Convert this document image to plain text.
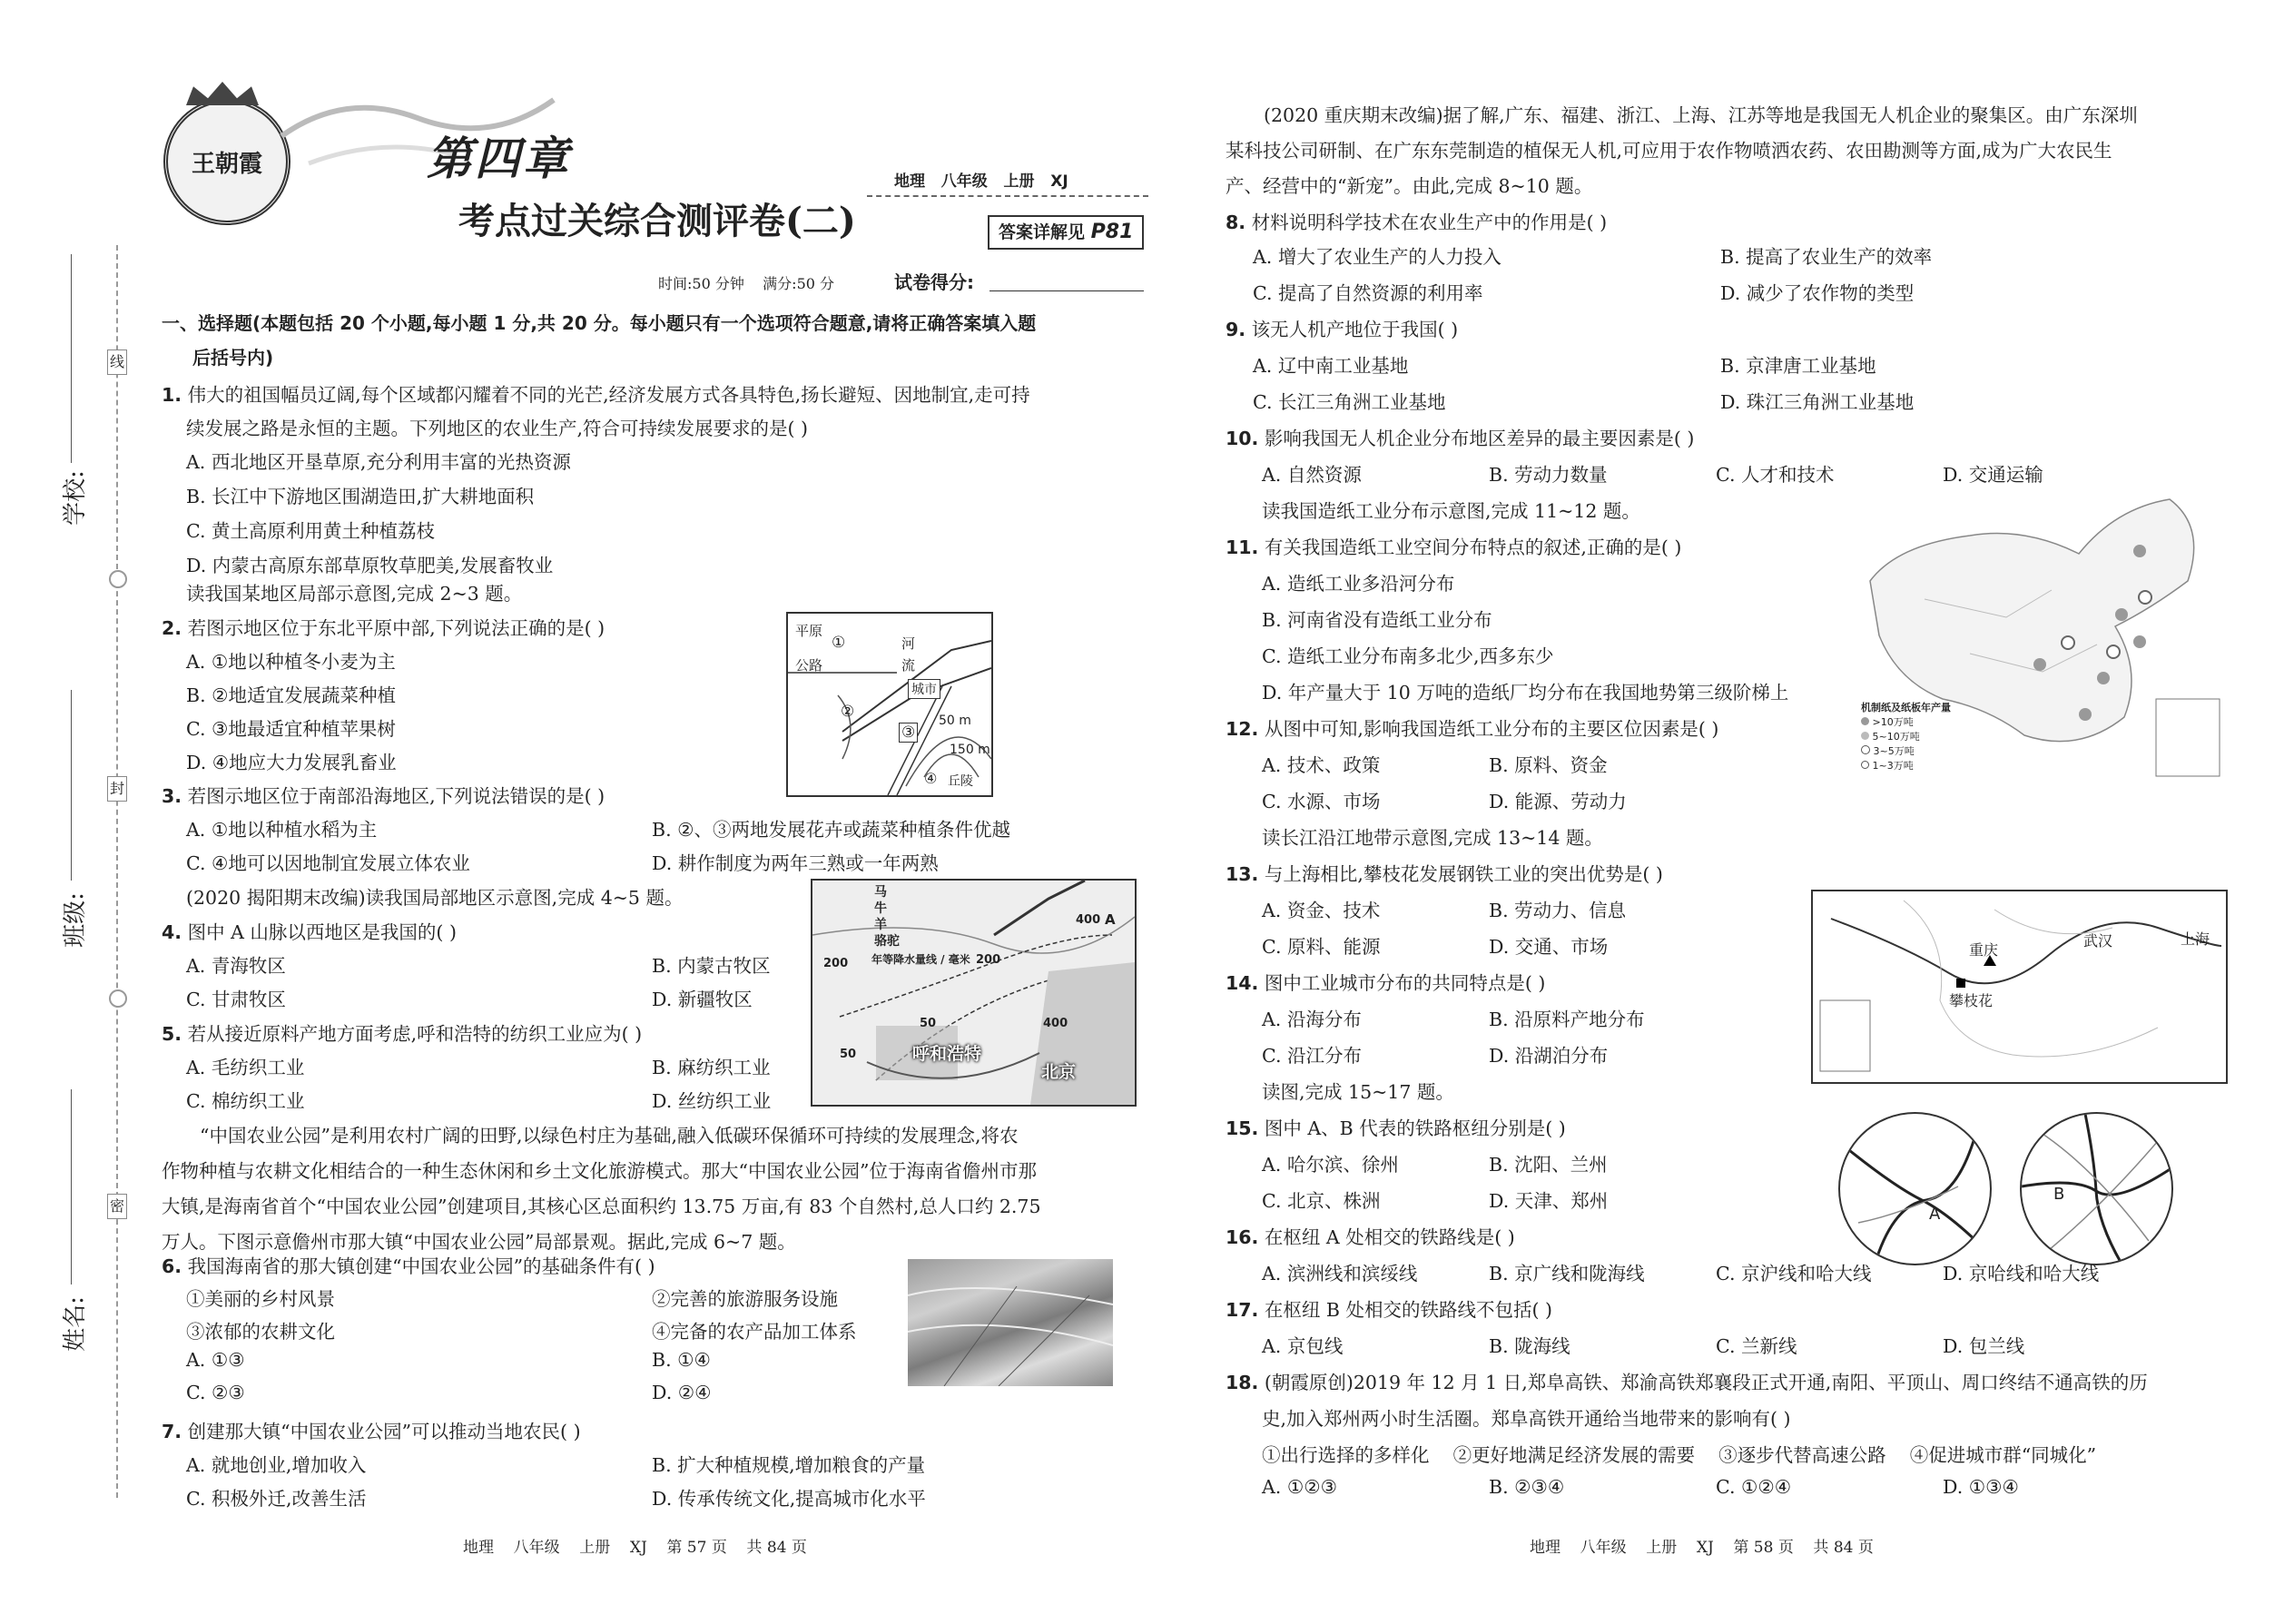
线
封
密
学校:
班级:
姓名:
王朝霞	第四章
考点过关综合测评卷(二)
地理 八年级 上册 XJ
答案详解见 P81
时间:50 分钟    满分:50 分	试卷得分:
一、选择题(本题包括 20 个小题,每小题 1 分,共 20 分。每小题只有一个选项符合题意,请将正确答案填入题
后括号内)
1. 伟大的祖国幅员辽阔,每个区域都闪耀着不同的光芒,经济发展方式各具特色,扬长避短、因地制宜,走可持
续发展之路是永恒的主题。下列地区的农业生产,符合可持续发展要求的是( )
A. 西北地区开垦草原,充分利用丰富的光热资源
B. 长江中下游地区围湖造田,扩大耕地面积
C. 黄土高原利用黄土种植荔枝
D. 内蒙古高原东部草原牧草肥美,发展畜牧业
读我国某地区局部示意图,完成 2~3 题。
2. 若图示地区位于东北平原中部,下列说法正确的是( )
A. ①地以种植冬小麦为主
B. ②地适宜发展蔬菜种植
C. ③地最适宜种植苹果树
D. ④地应大力发展乳畜业
平原
①
公路
河
流
城市
②
③
50 m
150 m
④ 丘陵
3. 若图示地区位于南部沿海地区,下列说法错误的是( )
A. ①地以种植水稻为主	B. ②、③两地发展花卉或蔬菜种植条件优越
C. ④地可以因地制宜发展立体农业	D. 耕作制度为两年三熟或一年两熟
(2020 揭阳期末改编)读我国局部地区示意图,完成 4~5 题。
4. 图中 A 山脉以西地区是我国的( )
A. 青海牧区	B. 内蒙古牧区
C. 甘肃牧区	D. 新疆牧区
5. 若从接近原料产地方面考虑,呼和浩特的纺织工业应为( )
A. 毛纺织工业	B. 麻纺织工业
C. 棉纺织工业	D. 丝纺织工业
马
牛
羊
骆驼
年等降水量线 / 毫米
200	200
400 A
400
50
50	呼和浩特
北京
“中国农业公园”是利用农村广阔的田野,以绿色村庄为基础,融入低碳环保循环可持续的发展理念,将农
作物种植与农耕文化相结合的一种生态休闲和乡土文化旅游模式。那大“中国农业公园”位于海南省儋州市那
大镇,是海南省首个“中国农业公园”创建项目,其核心区总面积约 13.75 万亩,有 83 个自然村,总人口约 2.75
万人。下图示意儋州市那大镇“中国农业公园”局部景观。据此,完成 6~7 题。
6. 我国海南省的那大镇创建“中国农业公园”的基础条件有( )
①美丽的乡村风景	②完善的旅游服务设施
③浓郁的农耕文化	④完备的农产品加工体系
A. ①③	B. ①④
C. ②③	D. ②④
7. 创建那大镇“中国农业公园”可以推动当地农民( )
A. 就地创业,增加收入	B. 扩大种植规模,增加粮食的产量
C. 积极外迁,改善生活	D. 传承传统文化,提高城市化水平
地理    八年级    上册    XJ    第 57 页    共 84 页
(2020 重庆期末改编)据了解,广东、福建、浙江、上海、江苏等地是我国无人机企业的聚集区。由广东深圳
某科技公司研制、在广东东莞制造的植保无人机,可应用于农作物喷洒农药、农田勘测等方面,成为广大农民生
产、经营中的“新宠”。由此,完成 8~10 题。
8. 材料说明科学技术在农业生产中的作用是( )
A. 增大了农业生产的人力投入	B. 提高了农业生产的效率
C. 提高了自然资源的利用率	D. 减少了农作物的类型
9. 该无人机产地位于我国( )
A. 辽中南工业基地	B. 京津唐工业基地
C. 长江三角洲工业基地	D. 珠江三角洲工业基地
10. 影响我国无人机企业分布地区差异的最主要因素是( )
A. 自然资源	B. 劳动力数量	C. 人才和技术	D. 交通运输
读我国造纸工业分布示意图,完成 11~12 题。
机制纸及纸板年产量
>10万吨
5~10万吨
3~5万吨
1~3万吨
11. 有关我国造纸工业空间分布特点的叙述,正确的是( )
A. 造纸工业多沿河分布
B. 河南省没有造纸工业分布
C. 造纸工业分布南多北少,西多东少
D. 年产量大于 10 万吨的造纸厂均分布在我国地势第三级阶梯上
12. 从图中可知,影响我国造纸工业分布的主要区位因素是( )
A. 技术、政策	B. 原料、资金
C. 水源、市场	D. 能源、劳动力
读长江沿江地带示意图,完成 13~14 题。
重庆
武汉	上海
攀枝花
13. 与上海相比,攀枝花发展钢铁工业的突出优势是( )
A. 资金、技术	B. 劳动力、信息
C. 原料、能源	D. 交通、市场
14. 图中工业城市分布的共同特点是( )
A. 沿海分布	B. 沿原料产地分布
C. 沿江分布	D. 沿湖泊分布
读图,完成 15~17 题。
A
B
15. 图中 A、B 代表的铁路枢纽分别是( )
A. 哈尔滨、徐州	B. 沈阳、兰州
C. 北京、株洲	D. 天津、郑州
16. 在枢纽 A 处相交的铁路线是( )
A. 滨洲线和滨绥线	B. 京广线和陇海线	C. 京沪线和哈大线	D. 京哈线和哈大线
17. 在枢纽 B 处相交的铁路线不包括( )
A. 京包线	B. 陇海线	C. 兰新线	D. 包兰线
18. (朝霞原创)2019 年 12 月 1 日,郑阜高铁、郑渝高铁郑襄段正式开通,南阳、平顶山、周口终结不通高铁的历
史,加入郑州两小时生活圈。郑阜高铁开通给当地带来的影响有( )
①出行选择的多样化    ②更好地满足经济发展的需要    ③逐步代替高速公路    ④促进城市群“同城化”
A. ①②③	B. ②③④	C. ①②④	D. ①③④
地理    八年级    上册    XJ    第 58 页    共 84 页
